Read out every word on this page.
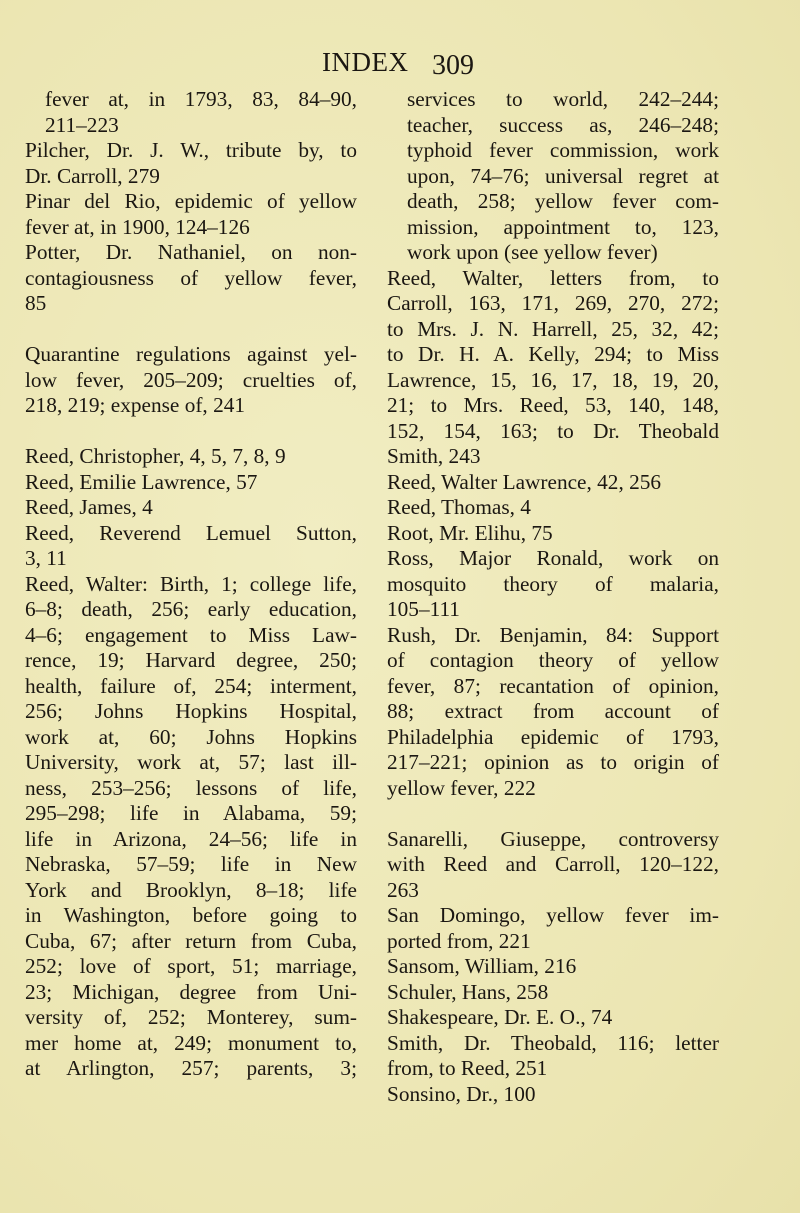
INDEX 309
fever at, in 1793, 83, 84–90,
211–223
Pilcher, Dr. J. W., tribute by, to
Dr. Carroll, 279
Pinar del Rio, epidemic of yellow
fever at, in 1900, 124–126
Potter, Dr. Nathaniel, on non-
contagiousness of yellow fever,
85
Quarantine regulations against yel-
low fever, 205–209; cruelties of,
218, 219; expense of, 241
Reed, Christopher, 4, 5, 7, 8, 9
Reed, Emilie Lawrence, 57
Reed, James, 4
Reed, Reverend Lemuel Sutton,
3, 11
Reed, Walter: Birth, 1; college life,
6–8; death, 256; early education,
4–6; engagement to Miss Law-
rence, 19; Harvard degree, 250;
health, failure of, 254; interment,
256; Johns Hopkins Hospital,
work at, 60; Johns Hopkins
University, work at, 57; last ill-
ness, 253–256; lessons of life,
295–298; life in Alabama, 59;
life in Arizona, 24–56; life in
Nebraska, 57–59; life in New
York and Brooklyn, 8–18; life
in Washington, before going to
Cuba, 67; after return from Cuba,
252; love of sport, 51; marriage,
23; Michigan, degree from Uni-
versity of, 252; Monterey, sum-
mer home at, 249; monument to,
at Arlington, 257; parents, 3;
services to world, 242–244;
teacher, success as, 246–248;
typhoid fever commission, work
upon, 74–76; universal regret at
death, 258; yellow fever com-
mission, appointment to, 123,
work upon (see yellow fever)
Reed, Walter, letters from, to
Carroll, 163, 171, 269, 270, 272;
to Mrs. J. N. Harrell, 25, 32, 42;
to Dr. H. A. Kelly, 294; to Miss
Lawrence, 15, 16, 17, 18, 19, 20,
21; to Mrs. Reed, 53, 140, 148,
152, 154, 163; to Dr. Theobald
Smith, 243
Reed, Walter Lawrence, 42, 256
Reed, Thomas, 4
Root, Mr. Elihu, 75
Ross, Major Ronald, work on
mosquito theory of malaria,
105–111
Rush, Dr. Benjamin, 84: Support
of contagion theory of yellow
fever, 87; recantation of opinion,
88; extract from account of
Philadelphia epidemic of 1793,
217–221; opinion as to origin of
yellow fever, 222
Sanarelli, Giuseppe, controversy
with Reed and Carroll, 120–122,
263
San Domingo, yellow fever im-
ported from, 221
Sansom, William, 216
Schuler, Hans, 258
Shakespeare, Dr. E. O., 74
Smith, Dr. Theobald, 116; letter
from, to Reed, 251
Sonsino, Dr., 100
